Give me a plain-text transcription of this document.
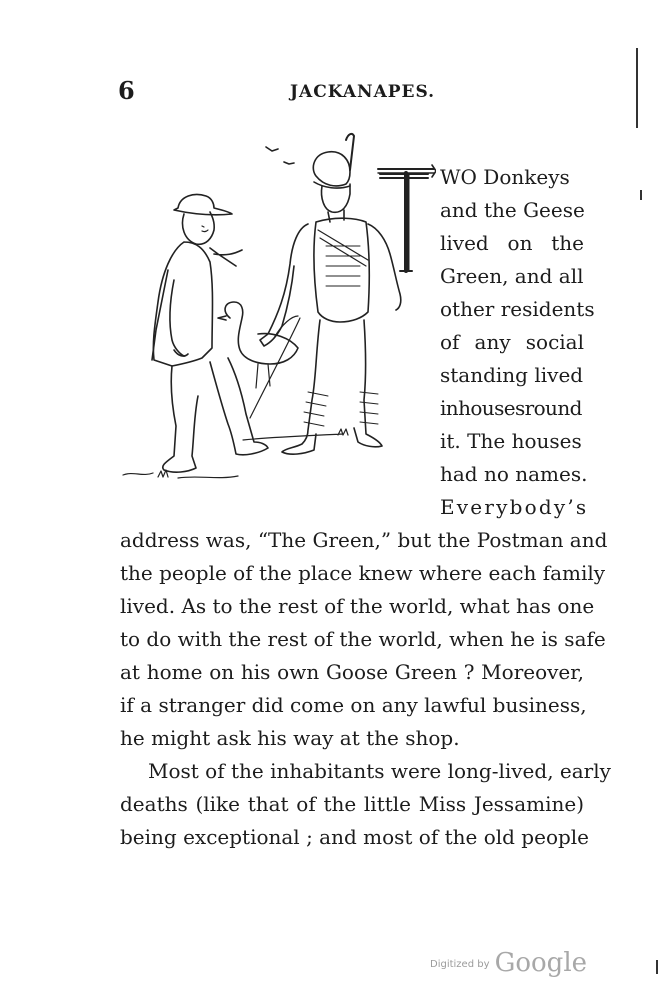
6	JACKANAPES.
WO Donkeys
and the Geese
lived on the
Green, and all
other residents
of any social
standing lived
inhousesround
it. The houses
had no names.
Everybody’s
address was, “The Green,” but the Postman and
the people of the place knew where each family
lived. As to the rest of the world, what has one
to do with the rest of the world, when he is safe
at home on his own Goose Green ? Moreover,
if a stranger did come on any lawful business,
he might ask his way at the shop.
Most of the inhabitants were long-lived, early
deaths (like that of the little Miss Jessamine)
being exceptional ; and most of the old people
$^{Digitized by}$ Google
